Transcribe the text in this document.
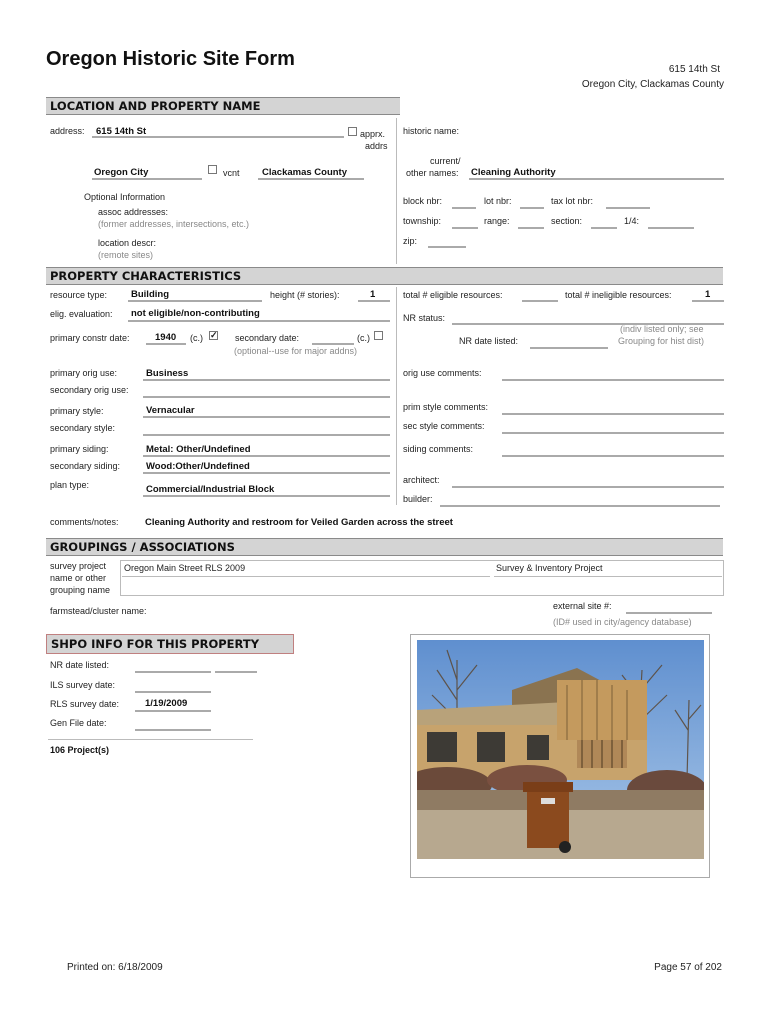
Oregon Historic Site Form	615 14th St
Oregon City, Clackamas County
LOCATION AND PROPERTY NAME
address: 615 14th St	apprx.
addrs
Oregon City	vcnt Clackamas County
Optional Information
assoc addresses:
(former addresses, intersections, etc.)
location descr:
(remote sites)
historic name:
current/
other names: Cleaning Authority
block nbr:	lot nbr:	tax lot nbr:
township:	range:	section:	1/4:
zip:
PROPERTY CHARACTERISTICS
resource type:	Building	height (# stories):	1
elig. evaluation: not eligible/non-contributing
primary constr date:	1940 (c.) ✓ secondary date:	(c.)
(optional--use for major addns)
total # eligible resources:	total # ineligible resources:	1
NR status:
NR date listed:
(indiv listed only; see
Grouping for hist dist)
primary orig use:	Business
secondary orig use:
orig use comments:
primary style:	Vernacular
secondary style:
prim style comments:
sec style comments:
primary siding:	Metal: Other/Undefined
secondary siding:	Wood:Other/Undefined
siding comments:
plan type:	Commercial/Industrial Block
architect:
builder:
comments/notes:	Cleaning Authority and restroom for Veiled Garden across the street
GROUPINGS / ASSOCIATIONS
survey project
name or other
grouping name
Oregon Main Street RLS 2009	Survey & Inventory Project
farmstead/cluster name:	external site #:
(ID# used in city/agency database)
SHPO INFO FOR THIS PROPERTY
NR date listed:
ILS survey date:
RLS survey date:	1/19/2009
Gen File date:
106 Project(s)
Printed on: 6/18/2009	Page 57 of 202
